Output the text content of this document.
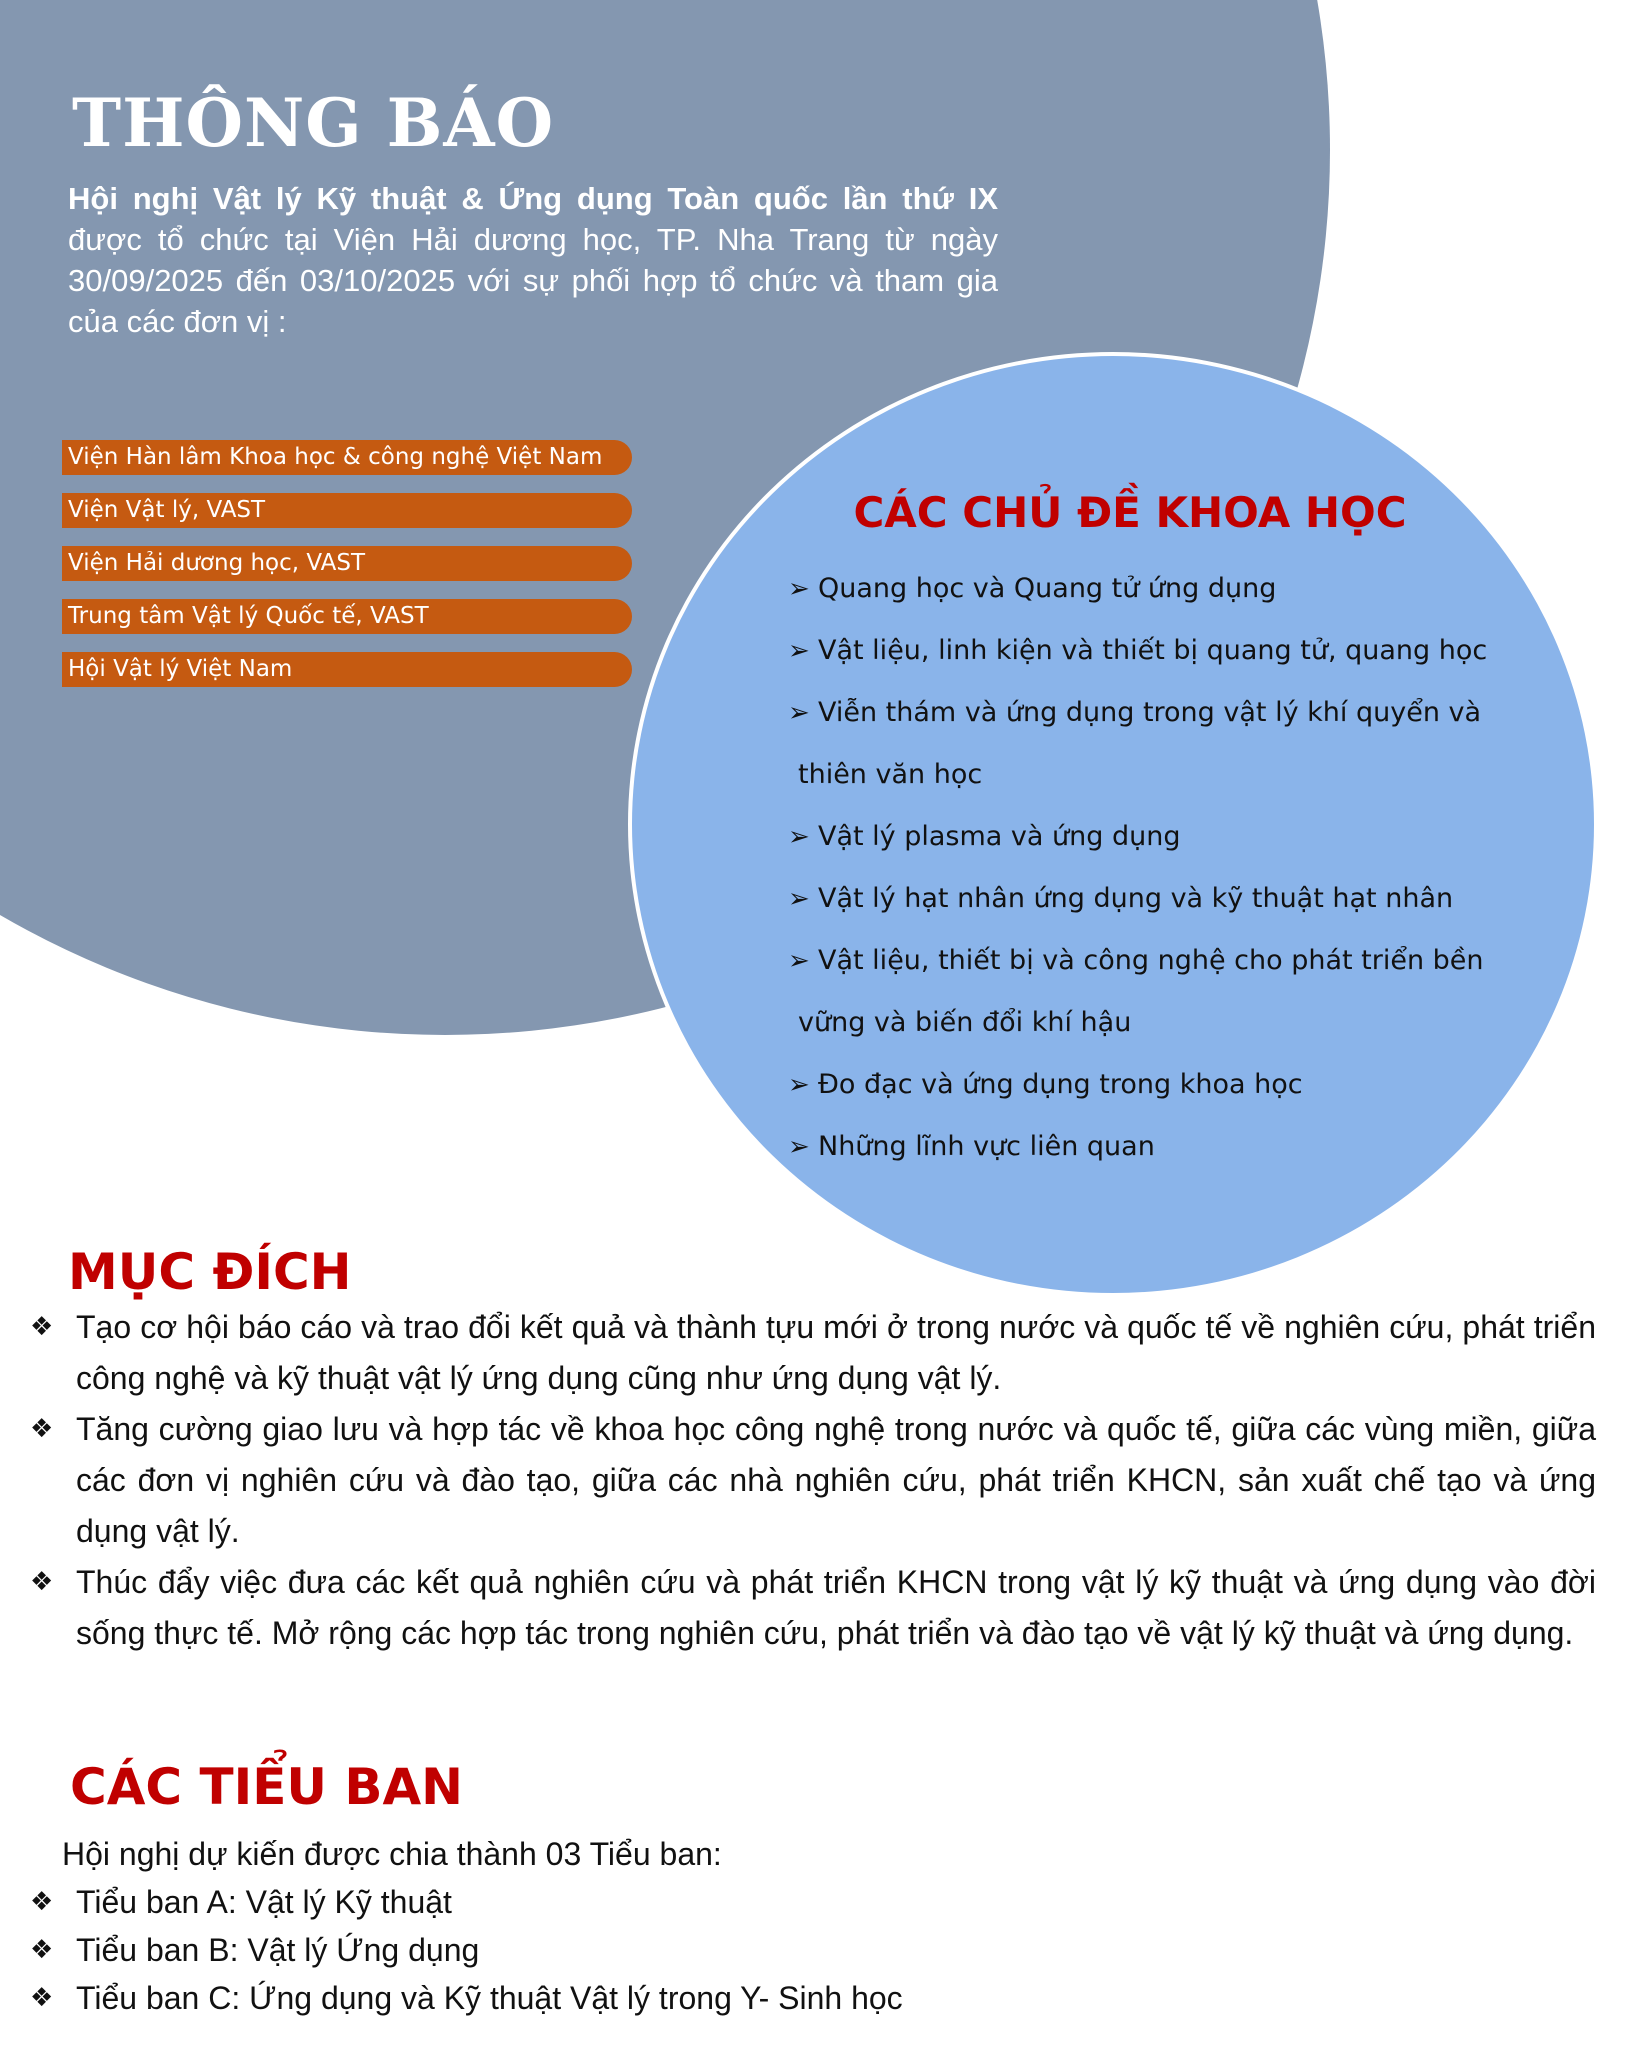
THÔNG BÁO

Hội nghị Vật lý Kỹ thuật & Ứng dụng Toàn quốc lần thứ IX được tổ chức tại Viện Hải dương học, TP. Nha Trang từ ngày 30/09/2025 đến 03/10/2025 với sự phối hợp tổ chức và tham gia của các đơn vị :

Viện Hàn lâm Khoa học & công nghệ Việt Nam
Viện Vật lý, VAST
Viện Hải dương học, VAST
Trung tâm Vật lý Quốc tế, VAST
Hội Vật lý Việt Nam
CÁC CHỦ ĐỀ KHOA HỌC
➢ Quang học và Quang tử ứng dụng
➢ Vật liệu, linh kiện và thiết bị quang tử, quang học
➢ Viễn thám và ứng dụng trong vật lý khí quyển và
thiên văn học
➢ Vật lý plasma và ứng dụng
➢ Vật lý hạt nhân ứng dụng và kỹ thuật hạt nhân
➢ Vật liệu, thiết bị và công nghệ cho phát triển bền
vững và biến đổi khí hậu
➢ Đo đạc và ứng dụng trong khoa học
➢ Những lĩnh vực liên quan
MỤC ĐÍCH
❖ Tạo cơ hội báo cáo và trao đổi kết quả và thành tựu mới ở trong nước và quốc tế về nghiên cứu, phát triển công nghệ và kỹ thuật vật lý ứng dụng cũng như ứng dụng vật lý.
❖ Tăng cường giao lưu và hợp tác về khoa học công nghệ trong nước và quốc tế, giữa các vùng miền, giữa các đơn vị nghiên cứu và đào tạo, giữa các nhà nghiên cứu, phát triển KHCN, sản xuất chế tạo và ứng dụng vật lý.
❖ Thúc đẩy việc đưa các kết quả nghiên cứu và phát triển KHCN trong vật lý kỹ thuật và ứng dụng vào đời sống thực tế. Mở rộng các hợp tác trong nghiên cứu, phát triển và đào tạo về vật lý kỹ thuật và ứng dụng.
CÁC TIỂU BAN

Hội nghị dự kiến được chia thành 03 Tiểu ban:

❖ Tiểu ban A: Vật lý Kỹ thuật
❖ Tiểu ban B: Vật lý Ứng dụng
❖ Tiểu ban C: Ứng dụng và Kỹ thuật Vật lý trong Y- Sinh học
